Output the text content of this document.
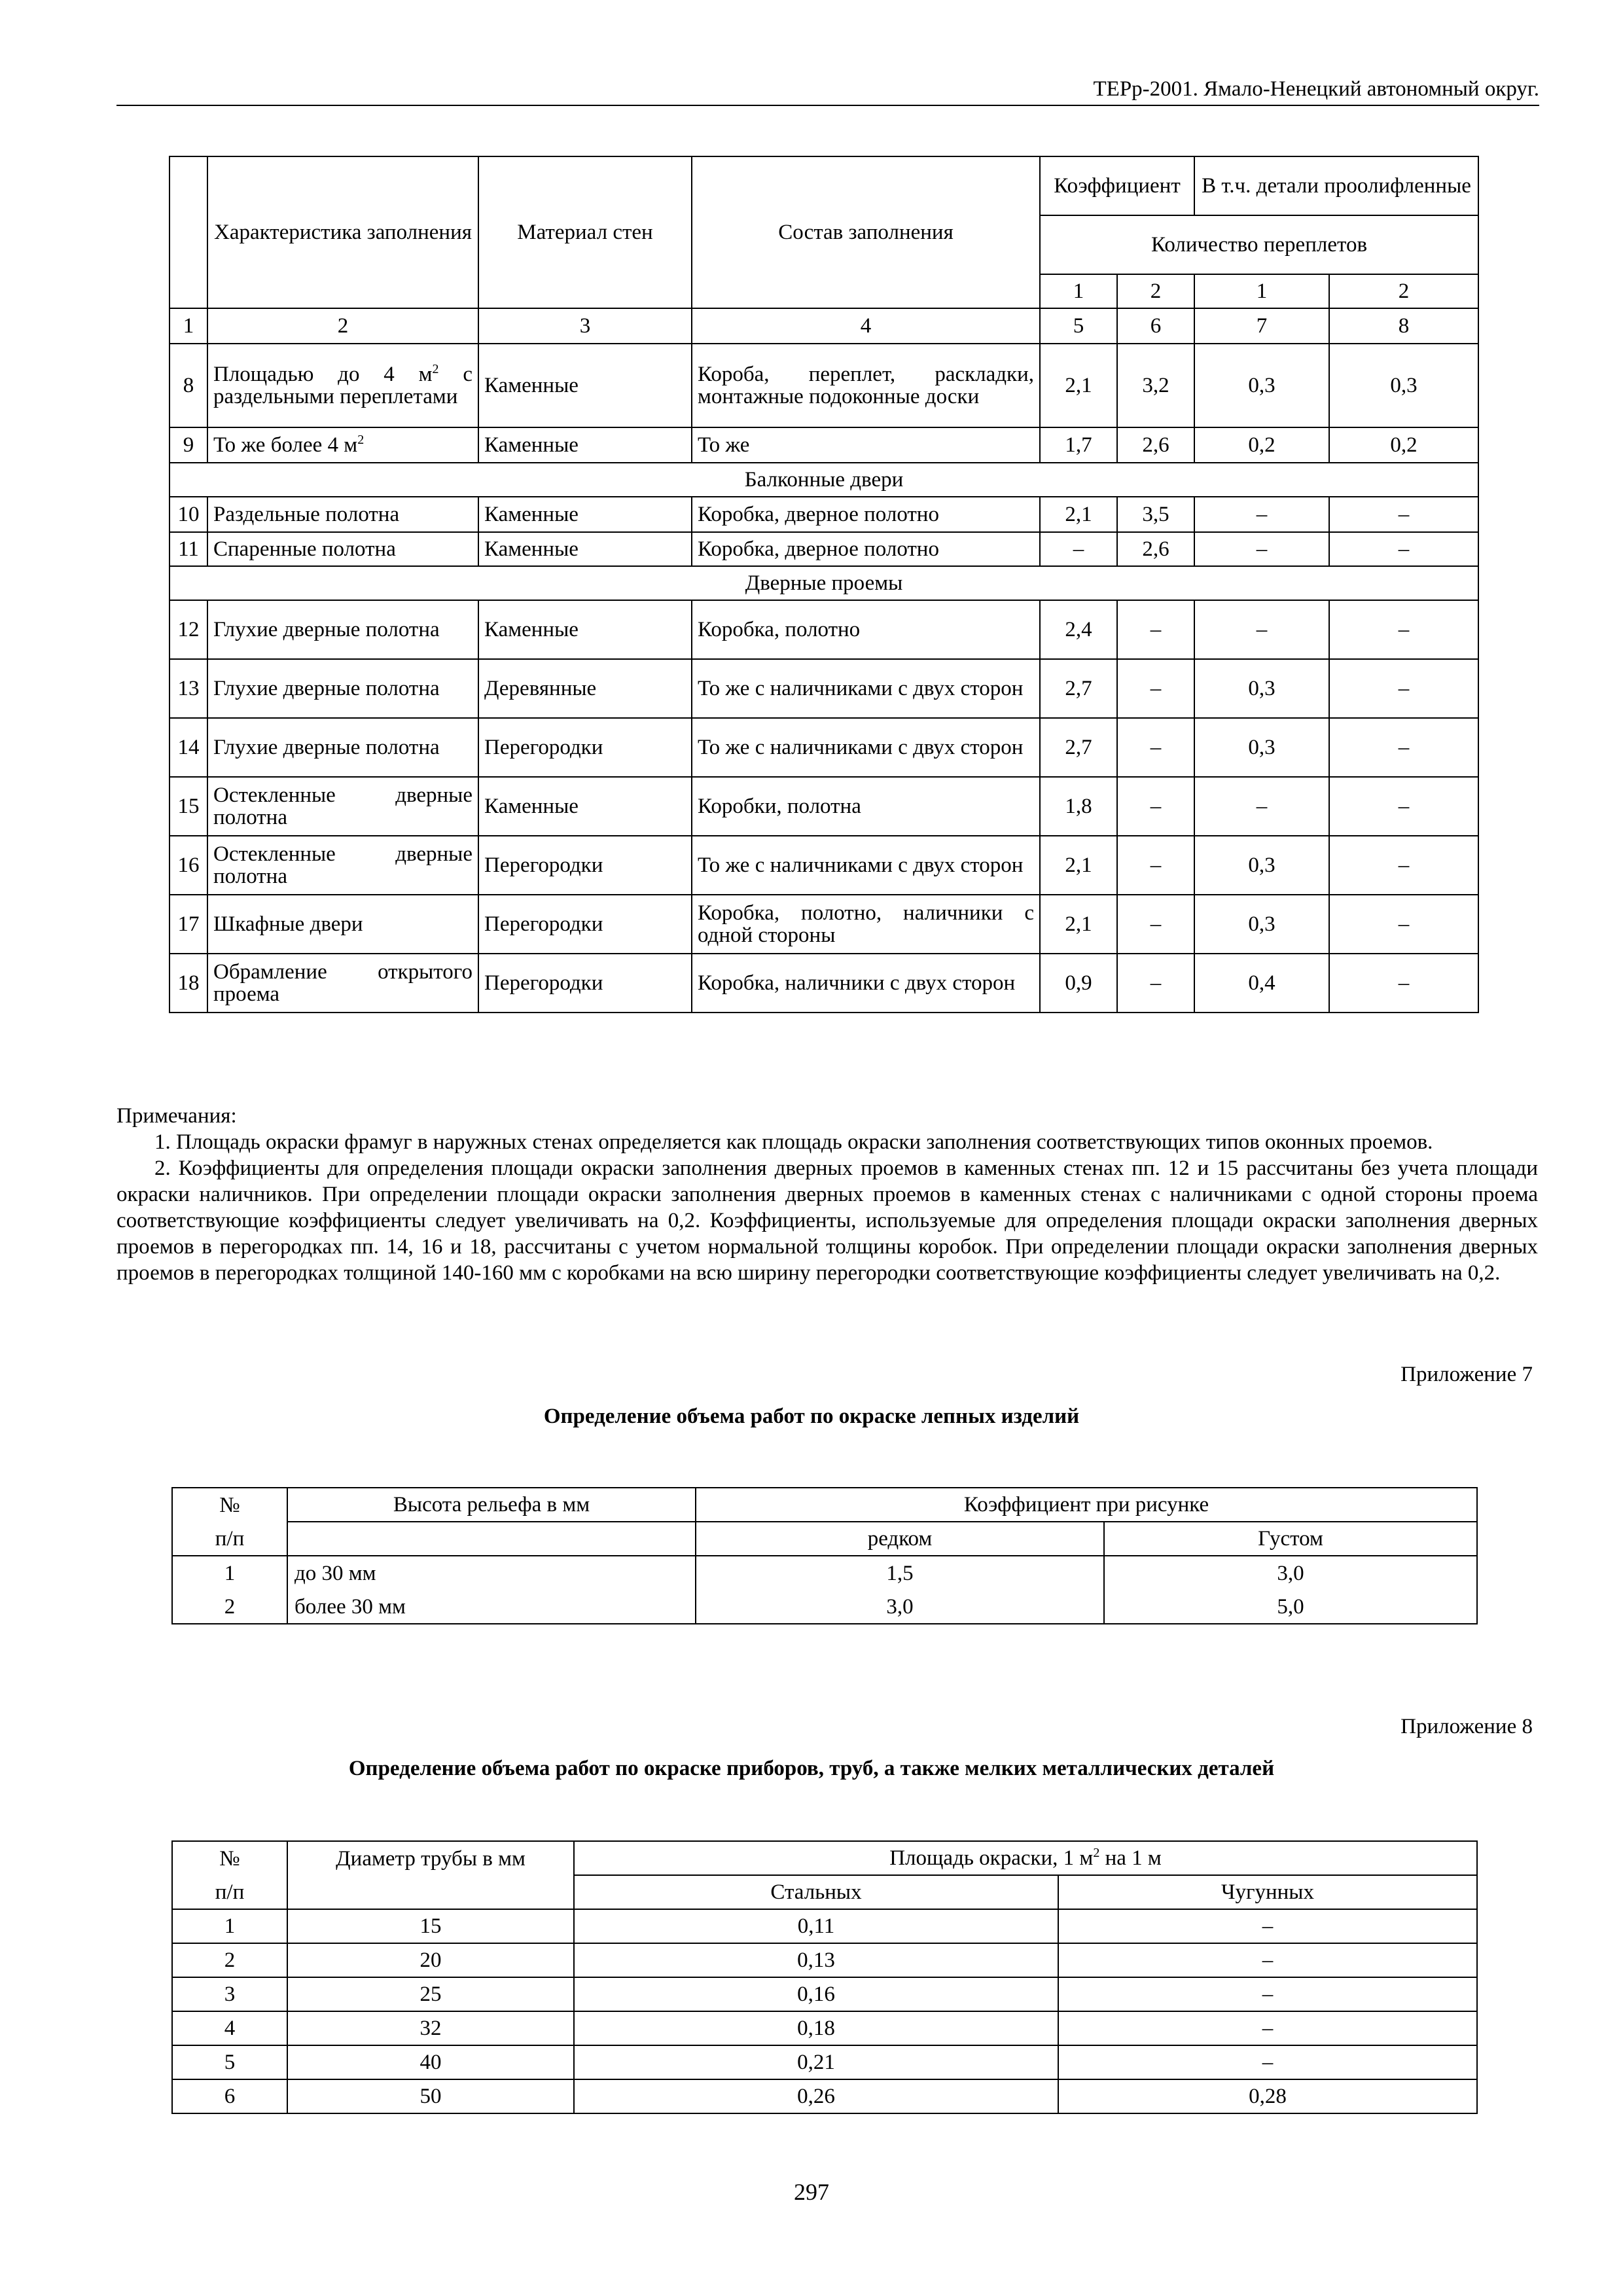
ТЕРр-2001. Ямало-Ненецкий автономный округ.
	Характеристика заполнения	Материал стен	Состав заполнения	Коэффициент		В т.ч. детали проолифленные	
				Количество переплетов			
				1	2	1	2
1	2	3	4	5	6	7	8
8	Площадью до 4 $м^2$ с раздельными переплетами	Каменные	Короба, переплет, раскладки, монтажные подоконные доски	2,1	3,2	0,3	0,3
9	То же более 4 $м^2$	Каменные	То же	1,7	2,6	0,2	0,2
Балконные двери							
10	Раздельные полотна	Каменные	Коробка, дверное полотно	2,1	3,5	–	–
11	Спаренные полотна	Каменные	Коробка, дверное полотно	–	2,6	–	–
Дверные проемы							
12	Глухие дверные полотна	Каменные	Коробка, полотно	2,4	–	–	–
13	Глухие дверные полотна	Деревянные	То же с наличниками с двух сторон	2,7	–	0,3	–
14	Глухие дверные полотна	Перегородки	То же с наличниками с двух сторон	2,7	–	0,3	–
15	Остекленные дверные полотна	Каменные	Коробки, полотна	1,8	–	–	–
16	Остекленные дверные полотна	Перегородки	То же с наличниками с двух сторон	2,1	–	0,3	–
17	Шкафные двери	Перегородки	Коробка, полотно, наличники с одной стороны	2,1	–	0,3	–
18	Обрамление открытого проема	Перегородки	Коробка, наличники с двух сторон	0,9	–	0,4	–

Примечания:

1. Площадь окраски фрамуг в наружных стенах определяется как площадь окраски заполнения соответствующих типов оконных проемов.

2. Коэффициенты для определения площади окраски заполнения дверных проемов в каменных стенах пп. 12 и 15 рассчитаны без учета площади окраски наличников. При определении площади окраски заполнения дверных проемов в каменных стенах с наличниками с одной стороны проема соответствующие коэффициенты следует увеличивать на 0,2. Коэффициенты, используемые для определения площади окраски заполнения дверных проемов в перегородках пп. 14, 16 и 18, рассчитаны с учетом нормальной толщины коробок. При определении площади окраски заполнения дверных проемов в перегородках толщиной 140-160 мм с коробками на всю ширину перегородки соответствующие коэффициенты следует увеличивать на 0,2.

Приложение 7
Определение объема работ по окраске лепных изделий
№	Высота рельефа в мм	Коэффициент при рисунке	
п/п		редком	Густом
1	до 30 мм	1,5	3,0
2	более 30 мм	3,0	5,0
Приложение 8
Определение объема работ по окраске приборов, труб, а также мелких металлических деталей
№	Диаметр трубы в мм	Площадь окраски, 1 $м^2$ на 1 м	
п/п		Стальных	Чугунных
1	15	0,11	–
2	20	0,13	–
3	25	0,16	–
4	32	0,18	–
5	40	0,21	–
6	50	0,26	0,28
297
